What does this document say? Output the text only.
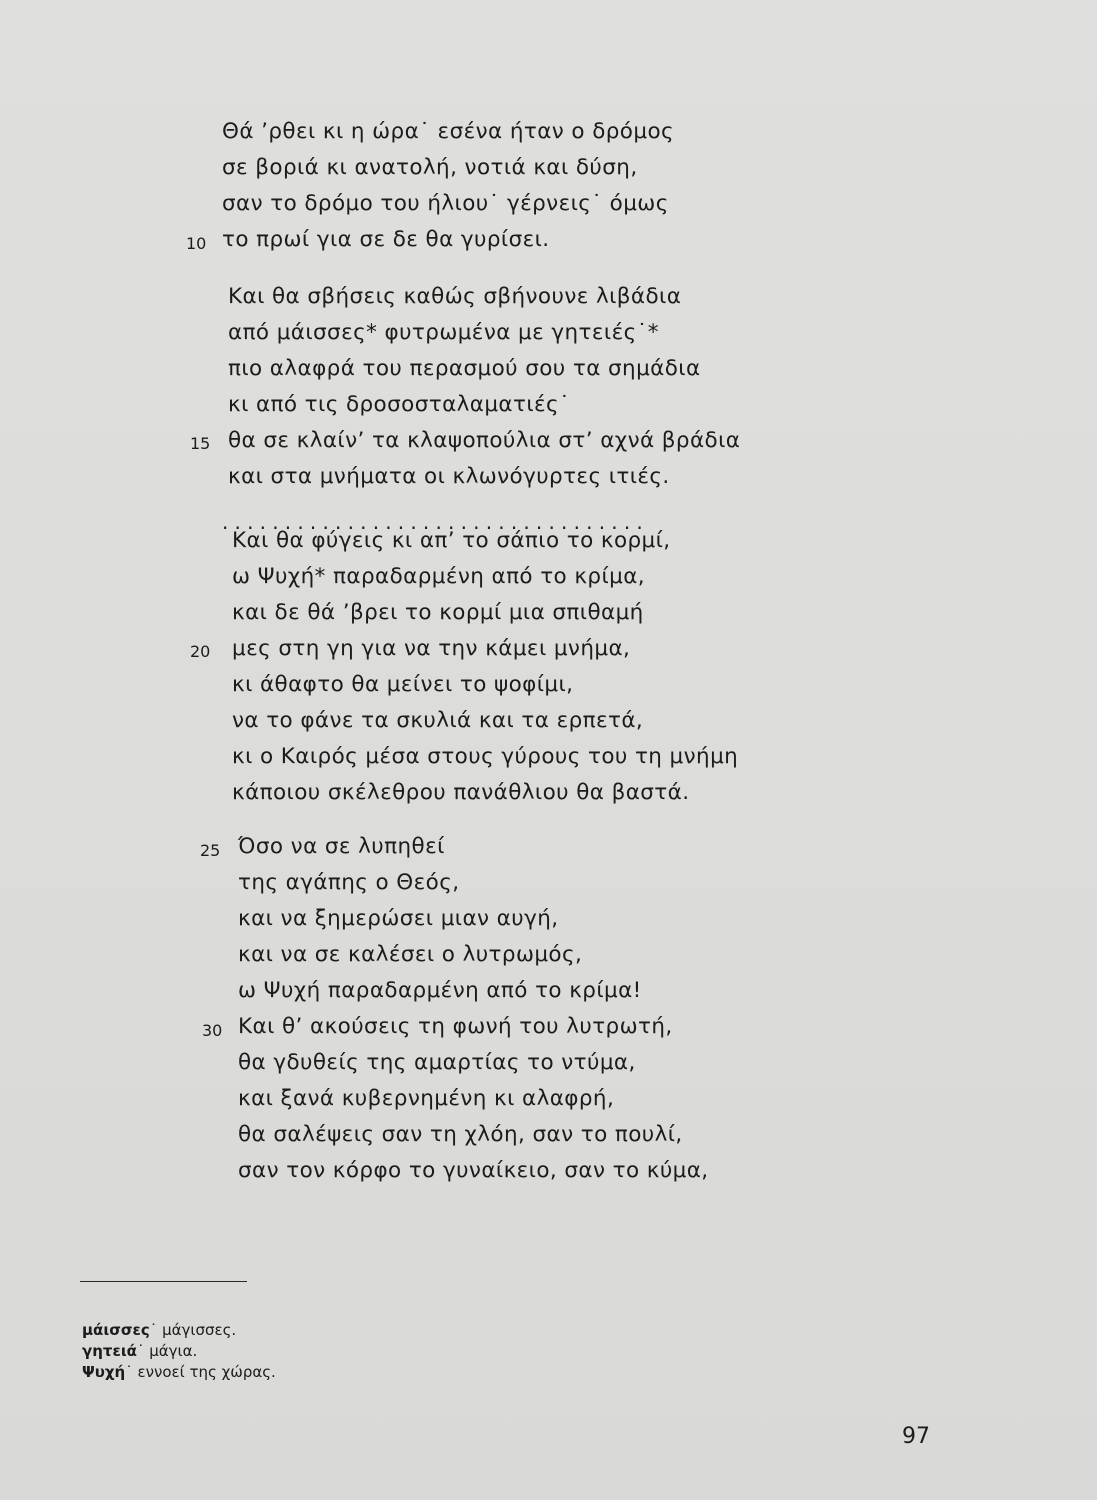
Θά ’ρθει κι η ώρα˙ εσένα ήταν ο δρόμος
σε βοριά κι ανατολή, νοτιά και δύση,
σαν το δρόμο του ήλιου˙ γέρνεις˙ όμως
10 το πρωί για σε δε θα γυρίσει.
Και θα σβήσεις καθώς σβήνουνε λιβάδια
από μάισσες* φυτρωμένα με γητειές˙*
πιο αλαφρά του περασμού σου τα σημάδια
κι από τις δροσοσταλαματιές˙
15 θα σε κλαίν’ τα κλαψοπούλια στ’ αχνά βράδια
και στα μνήματα οι κλωνόγυρτες ιτιές.
..................................
Και θα φύγεις κι απ’ το σάπιο το κορμί,
ω Ψυχή* παραδαρμένη από το κρίμα,
και δε θά ’βρει το κορμί μια σπιθαμή
20 μες στη γη για να την κάμει μνήμα,
κι άθαφτο θα μείνει το ψοφίμι,
να το φάνε τα σκυλιά και τα ερπετά,
κι ο Καιρός μέσα στους γύρους του τη μνήμη
κάποιου σκέλεθρου πανάθλιου θα βαστά.
25 Όσο να σε λυπηθεί
της αγάπης ο Θεός,
και να ξημερώσει μιαν αυγή,
και να σε καλέσει ο λυτρωμός,
ω Ψυχή παραδαρμένη από το κρίμα!
30 Και θ’ ακούσεις τη φωνή του λυτρωτή,
θα γδυθείς της αμαρτίας το ντύμα,
και ξανά κυβερνημένη κι αλαφρή,
θα σαλέψεις σαν τη χλόη, σαν το πουλί,
σαν τον κόρφο το γυναίκειο, σαν το κύμα,
μάισσες˙ μάγισσες.
γητειά˙ μάγια.
Ψυχή˙ εννοεί της χώρας.
97
